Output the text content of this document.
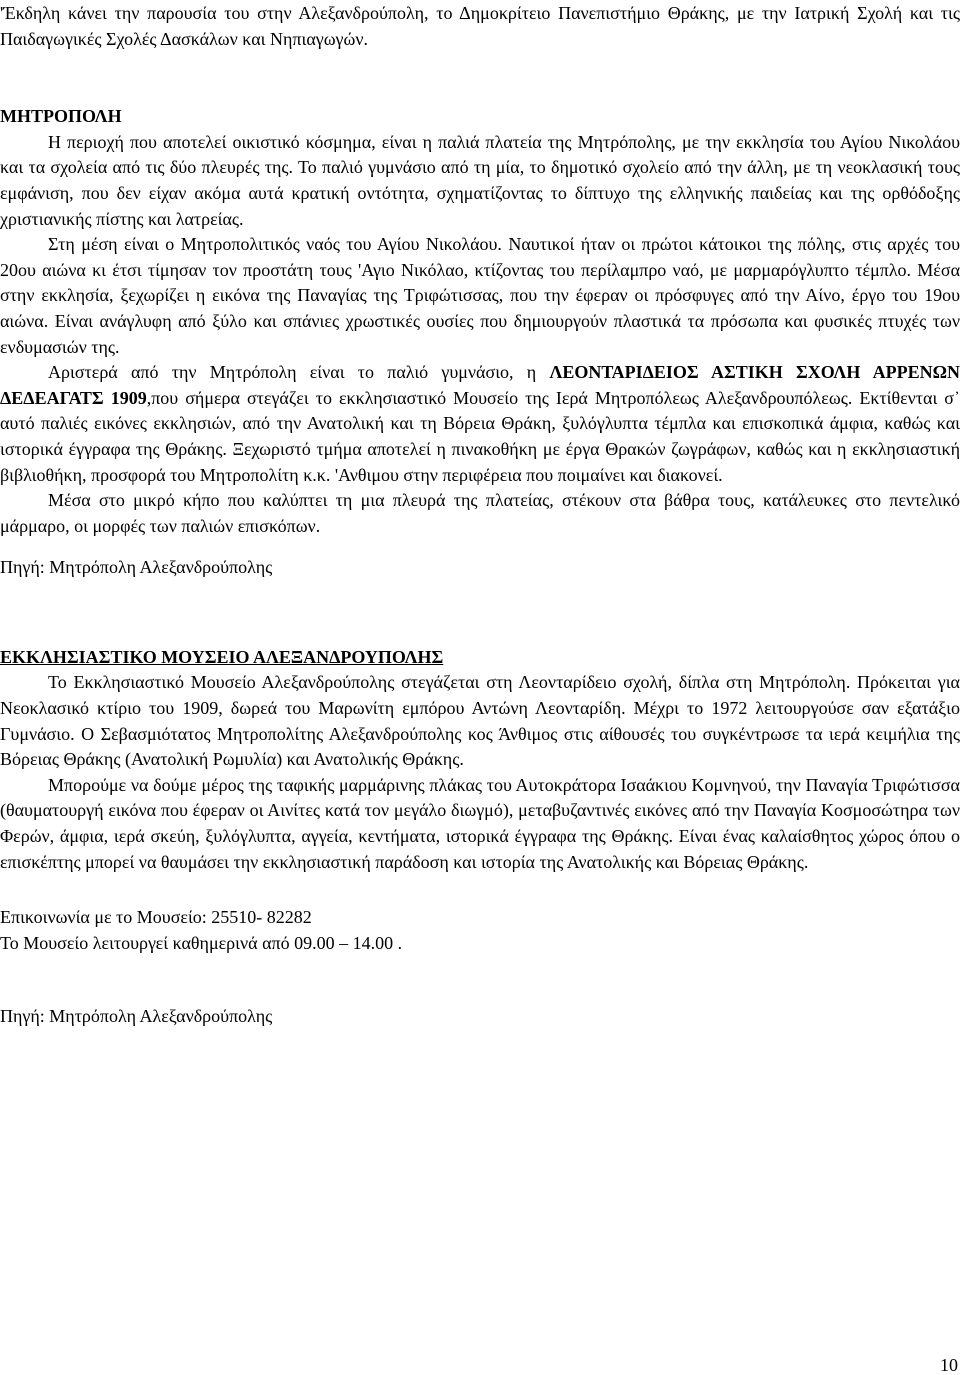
'Έκδηλη κάνει την παρουσία του στην Αλεξανδρούπολη, το Δημοκρίτειο Πανεπιστήμιο Θράκης, με την Ιατρική Σχολή και τις Παιδαγωγικές Σχολές Δασκάλων και Νηπιαγωγών.

ΜΗΤΡΟΠΟΛΗ

Η περιοχή που αποτελεί οικιστικό κόσμημα, είναι η παλιά πλατεία της Μητρόπολης, με την εκκλησία του Αγίου Νικολάου και τα σχολεία από τις δύο πλευρές της. Το παλιό γυμνάσιο από τη μία, το δημοτικό σχολείο από την άλλη, με τη νεοκλασική τους εμφάνιση, που δεν είχαν ακόμα αυτά κρατική οντότητα, σχηματίζοντας το δίπτυχο της ελληνικής παιδείας και της ορθόδοξης χριστιανικής πίστης και λατρείας.

Στη μέση είναι ο Μητροπολιτικός ναός του Αγίου Νικολάου. Ναυτικοί ήταν οι πρώτοι κάτοικοι της πόλης, στις αρχές του 20ου αιώνα κι έτσι τίμησαν τον προστάτη τους 'Αγιο Νικόλαο, κτίζοντας του περίλαμπρο ναό, με μαρμαρόγλυπτο τέμπλο. Μέσα στην εκκλησία, ξεχωρίζει η εικόνα της Παναγίας της Τριφώτισσας, που την έφεραν οι πρόσφυγες από την Αίνο, έργο του 19ου αιώνα. Είναι ανάγλυφη από ξύλο και σπάνιες χρωστικές ουσίες που δημιουργούν πλαστικά τα πρόσωπα και φυσικές πτυχές των ενδυμασιών της.

Αριστερά από την Μητρόπολη είναι το παλιό γυμνάσιο, η ΛΕΟΝΤΑΡΙΔΕΙΟΣ ΑΣΤΙΚΗ ΣΧΟΛΗ ΑΡΡΕΝΩΝ ΔΕΔΕΑΓΑΤΣ 1909,που σήμερα στεγάζει το εκκλησιαστικό Μουσείο της Ιερά Μητροπόλεως Αλεξανδρουπόλεως. Εκτίθενται σ᾽ αυτό παλιές εικόνες εκκλησιών, από την Ανατολική και τη Βόρεια Θράκη, ξυλόγλυπτα τέμπλα και επισκοπικά άμφια, καθώς και ιστορικά έγγραφα της Θράκης. Ξεχωριστό τμήμα αποτελεί η πινακοθήκη με έργα Θρακών ζωγράφων, καθώς και η εκκλησιαστική βιβλιοθήκη, προσφορά του Μητροπολίτη κ.κ. 'Ανθιμου στην περιφέρεια που ποιμαίνει και διακονεί.

Μέσα στο μικρό κήπο που καλύπτει τη μια πλευρά της πλατείας, στέκουν στα βάθρα τους, κατάλευκες στο πεντελικό μάρμαρο, οι μορφές των παλιών επισκόπων.

Πηγή: Μητρόπολη Αλεξανδρούπολης

ΕΚΚΛΗΣΙΑΣΤΙΚΟ ΜΟΥΣΕΙΟ ΑΛΕΞΑΝΔΡΟΥΠΟΛΗΣ

Το Εκκλησιαστικό Μουσείο Αλεξανδρούπολης στεγάζεται στη Λεονταρίδειο σχολή, δίπλα στη Μητρόπολη. Πρόκειται για Νεοκλασικό κτίριο του 1909, δωρεά του Μαρωνίτη εμπόρου Αντώνη Λεονταρίδη. Μέχρι το 1972 λειτουργούσε σαν εξατάξιο Γυμνάσιο. Ο Σεβασμιότατος Μητροπολίτης Αλεξανδρούπολης κος Άνθιμος στις αίθουσές του συγκέντρωσε τα ιερά κειμήλια της Βόρειας Θράκης (Ανατολική Ρωμυλία) και Ανατολικής Θράκης.

Μπορούμε να δούμε μέρος της ταφικής μαρμάρινης πλάκας του Αυτοκράτορα Ισαάκιου Κομνηνού, την Παναγία Τριφώτισσα (θαυματουργή εικόνα που έφεραν οι Αινίτες κατά τον μεγάλο διωγμό), μεταβυζαντινές εικόνες από την Παναγία Κοσμοσώτηρα των Φερών, άμφια, ιερά σκεύη, ξυλόγλυπτα, αγγεία, κεντήματα, ιστορικά έγγραφα της Θράκης. Είναι ένας καλαίσθητος χώρος όπου ο επισκέπτης μπορεί να θαυμάσει την εκκλησιαστική παράδοση και ιστορία της Ανατολικής και Βόρειας Θράκης.

Επικοινωνία με το Μουσείο: 25510- 82282

Το Μουσείο λειτουργεί καθημερινά από 09.00 – 14.00 .

Πηγή: Μητρόπολη Αλεξανδρούπολης

10
